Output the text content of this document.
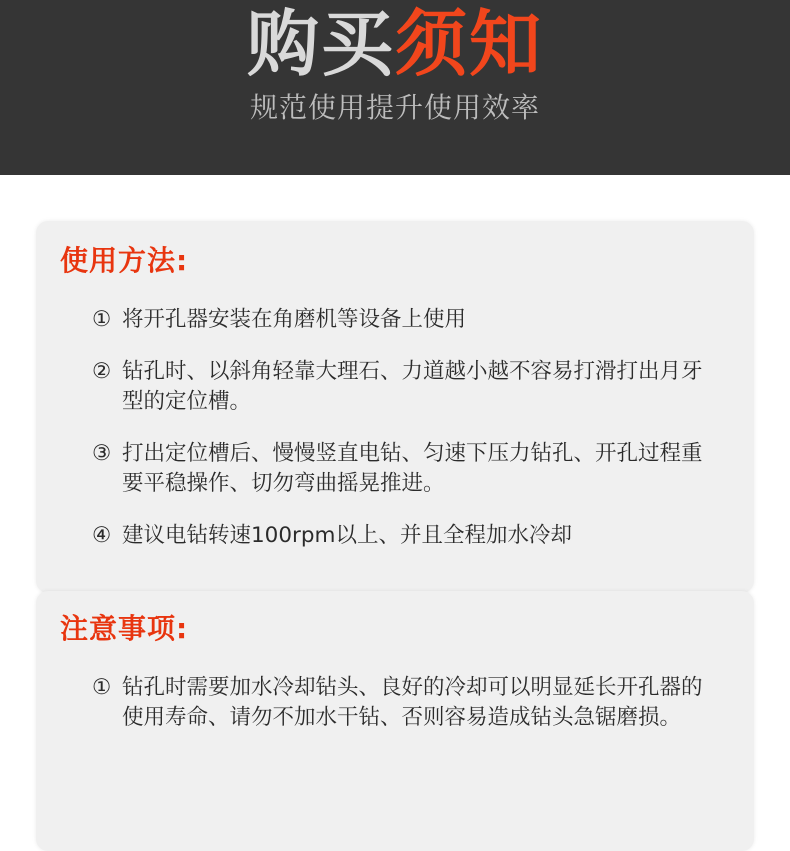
购买须知
规范使用提升使用效率
使用方法:
① 将开孔器安装在角磨机等设备上使用
② 钻孔时、以斜角轻靠大理石、力道越小越不容易打滑打出月牙型的定位槽。
③ 打出定位槽后、慢慢竖直电钻、匀速下压力钻孔、开孔过程重要平稳操作、切勿弯曲摇晃推进。
④ 建议电钻转速100rpm以上、并且全程加水冷却
注意事项:
① 钻孔时需要加水冷却钻头、良好的冷却可以明显延长开孔器的使用寿命、请勿不加水干钻、否则容易造成钻头急锯磨损。
